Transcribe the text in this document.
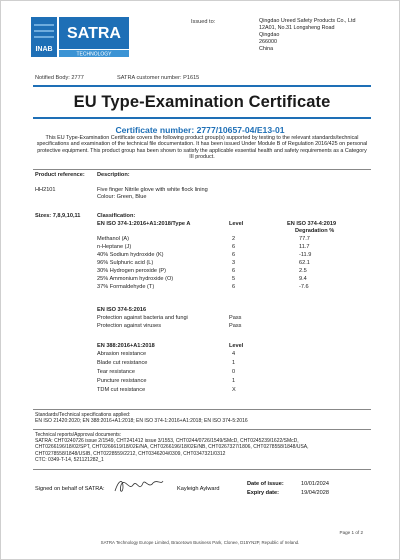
INAB
SATRA
TECHNOLOGY
Issued to:	Qingdao Ureed Safety Products Co., Ltd
12A01, No.31 Longsheng Road
Qingdao
266000
China
Notified Body: 2777	SATRA customer number: P1615
EU Type-Examination Certificate
Certificate number: 2777/10657-04/E13-01
This EU Type-Examination Certificate covers the following product group(s) supported by testing to the relevant standards/technical specifications and examination of the technical file documentation. It has been issued Under Module B of Regulation 2016/425 on personal protective equipment. This product group has been shown to satisfy the applicable essential health and safety requirements as a Category III product.
Product reference: Description:
HH2101	Five finger Nitrile glove with white flock lining
Colour: Green, Blue
Sizes: 7,8,9,10,11	Classification:
EN ISO 374-1:2016+A1:2018/Type A	Level	EN ISO 374-4:2019
Degradation %
Methanol (A)	2	77.7
n-Heptane (J)	6	11.7
40% Sodium hydroxide (K)	6	-11.9
96% Sulphuric acid (L)	3	62.1
30% Hydrogen peroxide (P)	6	2.5
25% Ammonium hydroxide (O)	5	9.4
37% Formaldehyde (T)	6	-7.6
EN ISO 374-5:2016
Protection against bacteria and fungi	Pass
Protection against viruses	Pass
EN 388:2016+A1:2018	Level
Abrasion resistance	4
Blade cut resistance	1
Tear resistance	0
Puncture resistance	1
TDM cut resistance	X
Standards/Technical specifications applied:
EN ISO 21420:2020; EN 388:2016+A1:2018; EN ISO 374-1:2016+A1:2018; EN ISO 374-5:2016
Technical reports/Approval documents:
SATRA: CHT0240726 issue 2/1549, CHT241412 issue 3/1553, CHT0244/0726/1549/SMcD, CHT0245239/1622/SMcD,
CHT0266196/18/02/SPT, CHT0266619/18/02E/NA, CHT0266196/18/02E/NB, CHT0267327/1806, CHT0278558/1848/USA,
CHT0278558/1848/USIB, CHT0228559/2212, CHT0346204/0309, CHT0347321/0312
CTC: 0349-T-14, 521121282_1
Signed on behalf of SATRA:	Kayleigh Aylward
Date of issue:	10/01/2024
Expiry date:	19/04/2028
Page 1 of 2
SATRA Technology Europe Limited, Bracetown Business Park, Clonee, D15YN2P, Republic of Ireland.
